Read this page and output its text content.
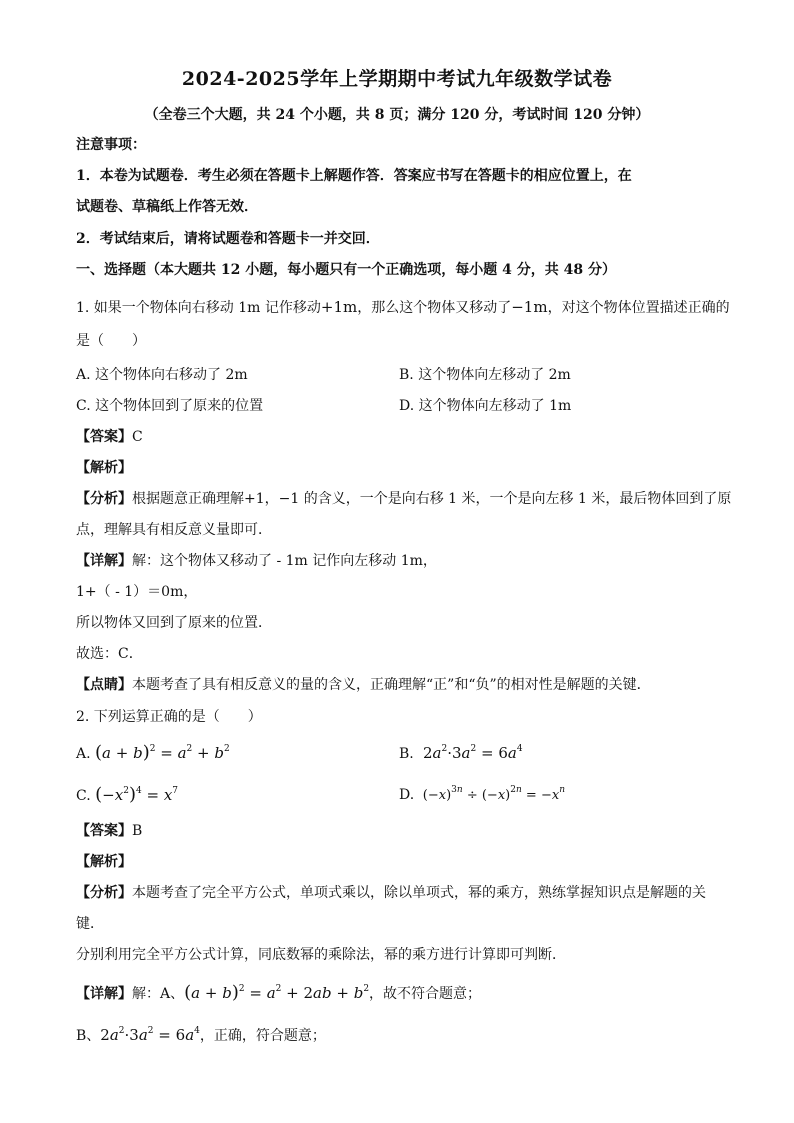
2024-2025学年上学期期中考试九年级数学试卷
（全卷三个大题，共 24 个小题，共 8 页；满分 120 分，考试时间 120 分钟）
注意事项：
1．本卷为试题卷．考生必须在答题卡上解题作答．答案应书写在答题卡的相应位置上，在
试题卷、草稿纸上作答无效．
2．考试结束后，请将试题卷和答题卡一并交回．
一、选择题（本大题共 12 小题，每小题只有一个正确选项，每小题 4 分，共 48 分）
1. 如果一个物体向右移动 1m 记作移动+1m，那么这个物体又移动了−1m，对这个物体位置描述正确的
是（　　）
A. 这个物体向右移动了 2m	B. 这个物体向左移动了 2m
C. 这个物体回到了原来的位置	D. 这个物体向左移动了 1m
【答案】C
【解析】
【分析】根据题意正确理解+1，−1 的含义，一个是向右移 1 米，一个是向左移 1 米，最后物体回到了原
点，理解具有相反意义量即可．
【详解】解：这个物体又移动了 - 1m 记作向左移动 1m，
1+（ - 1）＝0m，
所以物体又回到了原来的位置．
故选：C．
【点睛】本题考查了具有相反意义的量的含义，正确理解“正”和“负”的相对性是解题的关键．
2. 下列运算正确的是（　　）
A. $(a + b)^2 = a^2 + b^2$	B. $2a^2\cdot 3a^2 = 6a^4$
C. $(-x^2)^4 = x^7$	D. $(-x)^{3n} \div (-x)^{2n} = -x^n$
【答案】B
【解析】
【分析】本题考查了完全平方公式，单项式乘以，除以单项式，幂的乘方，熟练掌握知识点是解题的关
键．
分别利用完全平方公式计算，同底数幂的乘除法，幂的乘方进行计算即可判断．
【详解】解：A、$(a + b)^2 = a^2 + 2ab + b^2$，故不符合题意；
B、$2a^2\cdot 3a^2 = 6a^4$，正确，符合题意；
